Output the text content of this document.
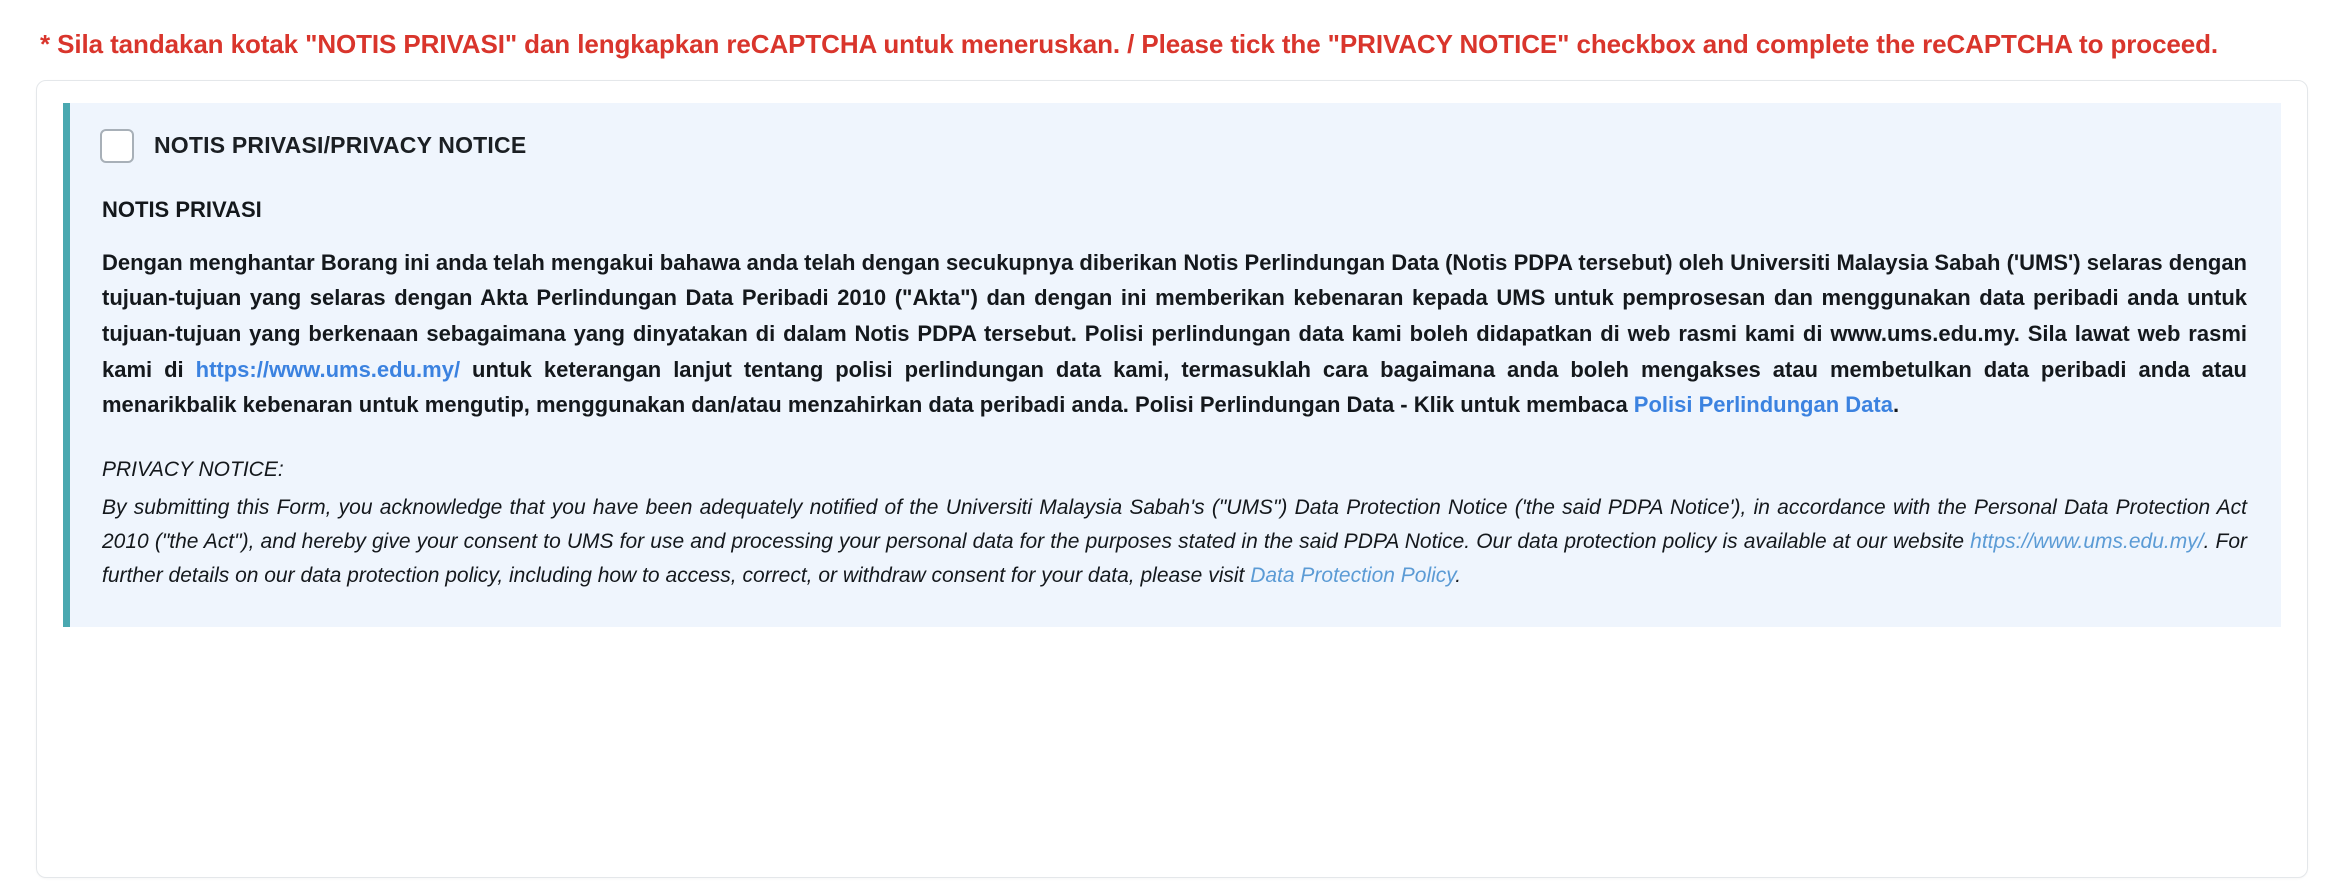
* Sila tandakan kotak "NOTIS PRIVASI" dan lengkapkan reCAPTCHA untuk meneruskan. / Please tick the "PRIVACY NOTICE" checkbox and complete the reCAPTCHA to proceed.
NOTIS PRIVASI/PRIVACY NOTICE
NOTIS PRIVASI

Dengan menghantar Borang ini anda telah mengakui bahawa anda telah dengan secukupnya diberikan Notis Perlindungan Data (Notis PDPA tersebut) oleh Universiti Malaysia Sabah ('UMS') selaras dengan tujuan-tujuan yang selaras dengan Akta Perlindungan Data Peribadi 2010 ("Akta") dan dengan ini memberikan kebenaran kepada UMS untuk pemprosesan dan menggunakan data peribadi anda untuk tujuan-tujuan yang berkenaan sebagaimana yang dinyatakan di dalam Notis PDPA tersebut. Polisi perlindungan data kami boleh didapatkan di web rasmi kami di www.ums.edu.my. Sila lawat web rasmi kami di https://www.ums.edu.my/ untuk keterangan lanjut tentang polisi perlindungan data kami, termasuklah cara bagaimana anda boleh mengakses atau membetulkan data peribadi anda atau menarikbalik kebenaran untuk mengutip, menggunakan dan/atau menzahirkan data peribadi anda. Polisi Perlindungan Data - Klik untuk membaca Polisi Perlindungan Data.

PRIVACY NOTICE:

By submitting this Form, you acknowledge that you have been adequately notified of the Universiti Malaysia Sabah's ("UMS") Data Protection Notice ('the said PDPA Notice'), in accordance with the Personal Data Protection Act 2010 ("the Act"), and hereby give your consent to UMS for use and processing your personal data for the purposes stated in the said PDPA Notice. Our data protection policy is available at our website https://www.ums.edu.my/. For further details on our data protection policy, including how to access, correct, or withdraw consent for your data, please visit Data Protection Policy.
